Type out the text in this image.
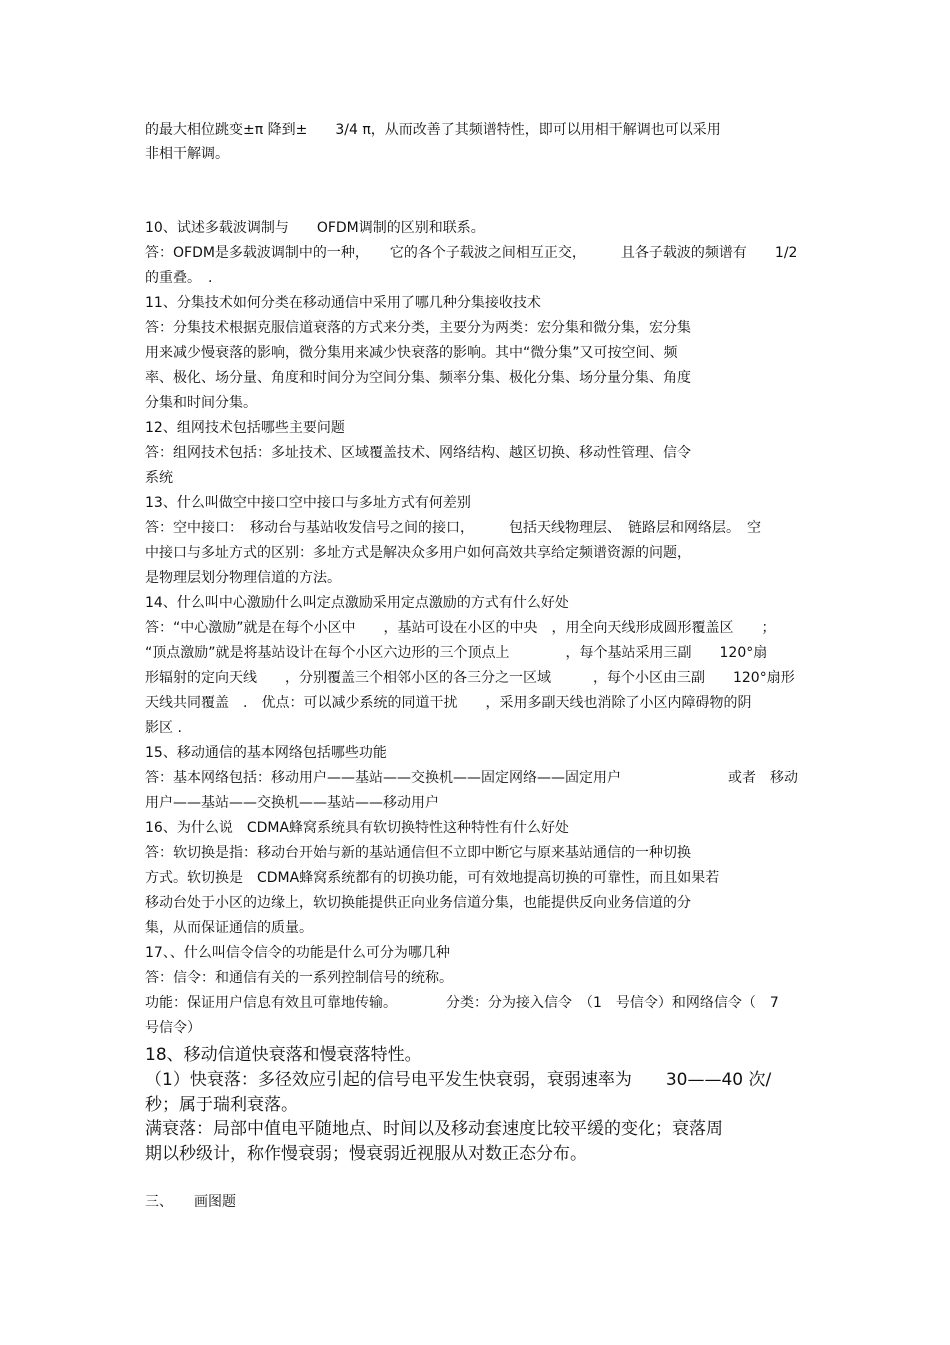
的最大相位跳变±π 降到±　　3/4 π，从而改善了其频谱特性，即可以用相干解调也可以采用
非相干解调。
10、试述多载波调制与　　OFDM调制的区别和联系。
答：OFDM是多载波调制中的一种，　　它的各个子载波之间相互正交，　　　且各子载波的频谱有　　1/2
的重叠。　.
11、分集技术如何分类在移动通信中采用了哪几种分集接收技术
答：分集技术根据克服信道衰落的方式来分类，主要分为两类：宏分集和微分集，宏分集
用来减少慢衰落的影响，微分集用来减少快衰落的影响。其中“微分集”又可按空间、频
率、极化、场分量、角度和时间分为空间分集、频率分集、极化分集、场分量分集、角度
分集和时间分集。
12、组网技术包括哪些主要问题
答：组网技术包括：多址技术、区域覆盖技术、网络结构、越区切换、移动性管理、信令
系统
13、什么叫做空中接口空中接口与多址方式有何差别
答：空中接口：　移动台与基站收发信号之间的接口，　　　包括天线物理层、　链路层和网络层。　空
中接口与多址方式的区别：多址方式是解决众多用户如何高效共享给定频谱资源的问题，
是物理层划分物理信道的方法。
14、什么叫中心激励什么叫定点激励采用定点激励的方式有什么好处
答：“中心激励”就是在每个小区中　　，基站可设在小区的中央　，用全向天线形成圆形覆盖区　　；
“顶点激励”就是将基站设计在每个小区六边形的三个顶点上　　　　，每个基站采用三副　　120°扇
形辐射的定向天线　　，分别覆盖三个相邻小区的各三分之一区域　　　，每个小区由三副　　120°扇形
天线共同覆盖　.　优点：可以减少系统的同道干扰　　，采用多副天线也消除了小区内障碍物的阴
影区 .
15、移动通信的基本网络包括哪些功能
答：基本网络包括：移动用户——基站——交换机——固定网络——固定用户	或者　移动
用户——基站——交换机——基站——移动用户
16、为什么说　CDMA蜂窝系统具有软切换特性这种特性有什么好处
答：软切换是指：移动台开始与新的基站通信但不立即中断它与原来基站通信的一种切换
方式。软切换是　CDMA蜂窝系统都有的切换功能，可有效地提高切换的可靠性，而且如果若
移动台处于小区的边缘上，软切换能提供正向业务信道分集，也能提供反向业务信道的分
集，从而保证通信的质量。
17、、什么叫信令信令的功能是什么可分为哪几种
答：信令：和通信有关的一系列控制信号的统称。
功能：保证用户信息有效且可靠地传输。　　　　分类：分为接入信令　（1　号信令）和网络信令（　7
号信令）
18、移动信道快衰落和慢衰落特性。
（1）快衰落：多径效应引起的信号电平发生快衰弱，衰弱速率为　　30——40 次/
秒；属于瑞利衰落。
满衰落：局部中值电平随地点、时间以及移动套速度比较平缓的变化；衰落周
期以秒级计，称作慢衰弱；慢衰弱近视服从对数正态分布。
三、　　画图题
